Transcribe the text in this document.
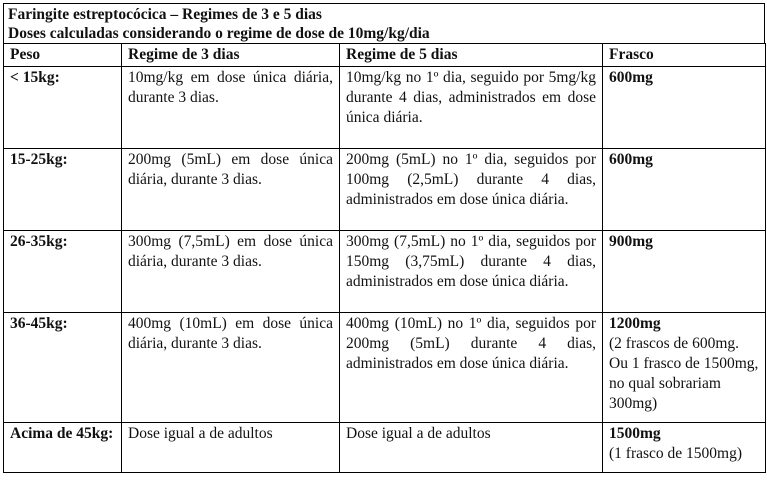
Faringite estreptocócica – Regimes de 3 e 5 dias
Doses calculadas considerando o regime de dose de 10mg/kg/dia
Peso	Regime de 3 dias	Regime de 5 dias	Frasco
< 15kg:	10mg/kg em dose única diária, durante 3 dias.	10mg/kg no 1º dia, seguido por 5mg/kg durante 4 dias, administrados em dose única diária.	600mg

15-25kg:	200mg (5mL) em dose única diária, durante 3 dias.	200mg (5mL) no 1º dia, seguidos por 100mg (2,5mL) durante 4 dias, administrados em dose única diária.	600mg

26-35kg:	300mg (7,5mL) em dose única diária, durante 3 dias.	300mg (7,5mL) no 1º dia, seguidos por 150mg (3,75mL) durante 4 dias, administrados em dose única diária.	900mg

36-45kg:	400mg (10mL) em dose única diária, durante 3 dias.	400mg (10mL) no 1º dia, seguidos por 200mg (5mL) durante 4 dias, administrados em dose única diária.	1200mg
(2 frascos de 600mg. Ou 1 frasco de 1500mg, no qual sobrariam 300mg)

Acima de 45kg:	Dose igual a de adultos	Dose igual a de adultos	1500mg
(1 frasco de 1500mg)
